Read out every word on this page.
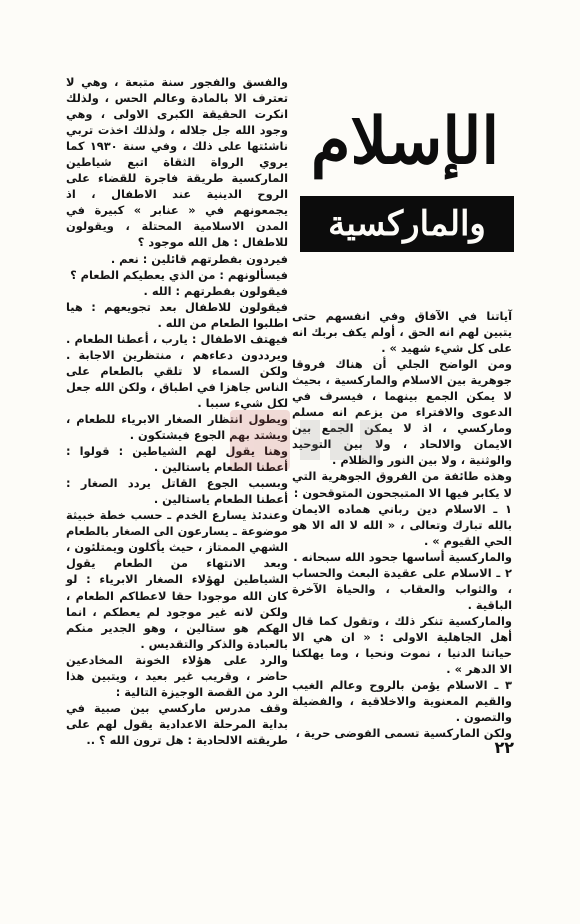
الإسلام
والماركسية

والفسق والفجور سنة متبعة ، وهي لا تعترف الا بالمادة وعالم الحس ، ولذلك انكرت الحقيقة الكبرى الاولى ، وهي وجود الله جل جلاله ، ولذلك اخذت تربي ناشئتها على ذلك ، وفي سنة ١٩٣٠ كما يروي الرواة الثقاة اتبع شياطين الماركسية طريقة فاجرة للقضاء على الروح الدينية عند الاطفال ، اذ يجمعونهم في « عنابر » كبيرة في المدن الاسلامية المحتلة ، ويقولون للاطفال : هل الله موجود ؟
فيردون بفطرتهم قائلين : نعم .
فيسألونهم : من الذي يعطيكم الطعام ؟
فيقولون بفطرتهم : الله .
فيقولون للاطفال بعد تجويعهم : هيا اطلبوا الطعام من الله .
فيهتف الاطفال : يارب ، أعطنا الطعام . ويرددون دعاءهم ، منتظرين الاجابة . ولكن السماء لا تلقي بالطعام على الناس جاهزا في اطباق ، ولكن الله جعل لكل شيء سببا .
انتظار الصغار الابرياء للطعام ، الجوع فيشتكون .
لهم الشياطين : قولوا : ياستالين .
وبسبب الجوع القاتل يردد الصغار : أعطنا الطعام ياستالين .
وعندئذ يسارع الخدم ـ حسب خطة خبيثة موضوعة ـ يسارعون الى الصغار بالطعام الشهي الممتاز ، حيث يأكلون ويمتلئون ، وبعد الانتهاء من الطعام يقول الشياطين لهؤلاء الصغار الابرياء : لو كان الله موجودا حقا لاعطاكم الطعام ، ولكن لانه غير موجود لم يعطكم ، انما الهكم هو ستالين ، وهو الجدير منكم بالعبادة والذكر والتقديس .
والرد على هؤلاء الخونة المخادعين حاضر ، وقريب غير بعيد ، ويتبين هذا الرد من القصة الوجيزة التالية :
وقف مدرس ماركسي بين صبية في بداية المرحلة الاعدادية يقول لهم على طريقته الالحادية : هل ترون الله ؟ ..

آياتنا في الآفاق وفي انفسهم حتى يتبين لهم انه الحق ، أولم يكف بربك انه على كل شيء شهيد » .
ومن الواضح الجلي أن هناك فروقا جوهرية بين الاسلام والماركسية ، بحيث لا يمكن الجمع بينهما ، فيسرف في الدعوى والافتراء من يزعم انه مسلم وماركسي ، اذ لا الايمان والالحاد ، ولا بين والوثنية ، ولا بين النور والظلام .
وهذه طائفة من الفروق الجوهرية التي لا يكابر فيها الا المتبجحون المتوقحون :
١ ـ الاسلام دين رباني هماده الايمان بالله تبارك وتعالى ، « الله لا اله الا هو الحي القيوم » .
والماركسية أساسها جحود الله سبحانه .
٢ ـ الاسلام على عقيدة البعث والحساب ، والثواب والعقاب ، والحياة الآخرة الباقية .
والماركسية تنكر ذلك ، وتقول كما قال أهل الجاهلية الاولى : « ان هي الا حياتنا الدنيا ، نموت ونحيا ، وما يهلكنا الا الدهر » .
٣ ـ الاسلام يؤمن بالروح وعالم الغيب والقيم المعنوية والاخلاقية ، والفضيلة والتصون .
ولكن الماركسية تسمى الفوضى حرية ،

٢٢
